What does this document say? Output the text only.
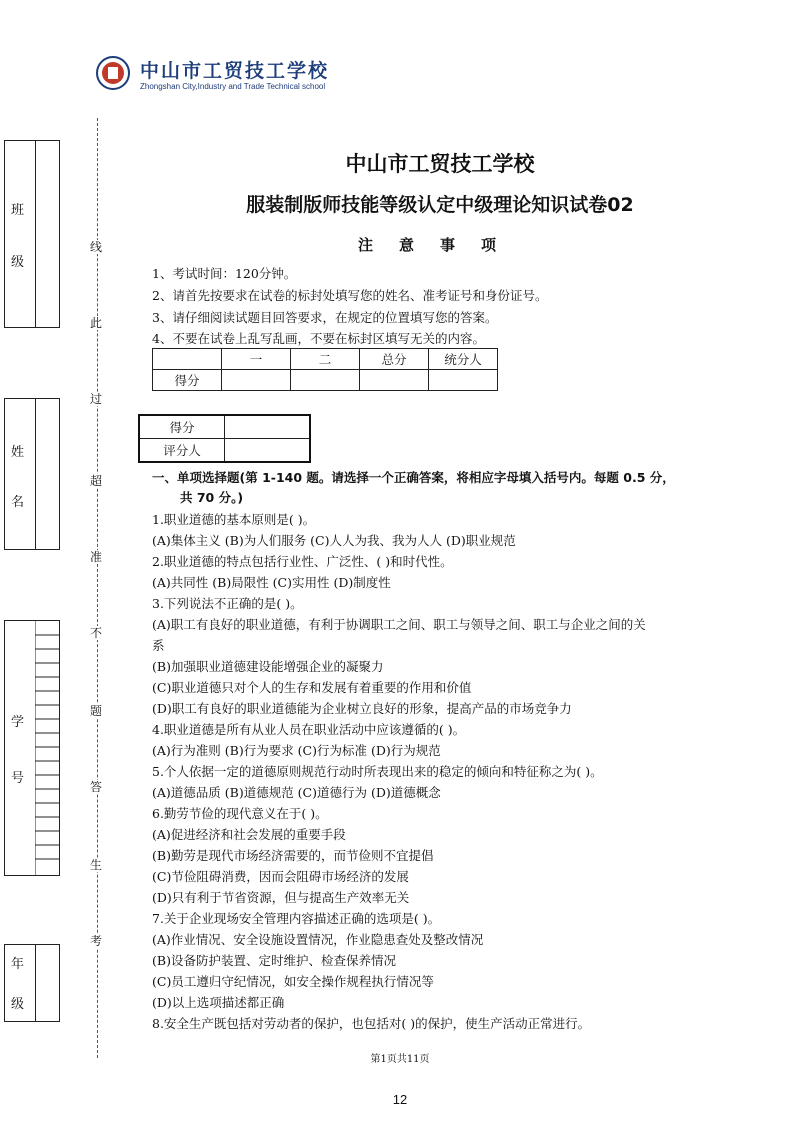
中山市工贸技工学校
Zhongshan City,Industry and Trade Technical school
班
级
姓
名
学
号
年
级
线
此
过
超
准
不
题
答
生
考
中山市工贸技工学校
服装制版师技能等级认定中级理论知识试卷02
注意事项
1、考试时间：120分钟。
2、请首先按要求在试卷的标封处填写您的姓名、准考证号和身份证号。
3、请仔细阅读试题目回答要求，在规定的位置填写您的答案。
4、不要在试卷上乱写乱画，不要在标封区填写无关的内容。
	一	二	总分	统分人
得分				
得分	
评分人	
一、单项选择题(第 1-140 题。请选择一个正确答案，将相应字母填入括号内。每题 0.5 分，
共 70 分。)
1.职业道德的基本原则是( )。
(A)集体主义 (B)为人们服务 (C)人人为我、我为人人 (D)职业规范
2.职业道德的特点包括行业性、广泛性、( )和时代性。
(A)共同性 (B)局限性 (C)实用性 (D)制度性
3.下列说法不正确的是( )。
(A)职工有良好的职业道德，有利于协调职工之间、职工与领导之间、职工与企业之间的关
系
(B)加强职业道德建设能增强企业的凝聚力
(C)职业道德只对个人的生存和发展有着重要的作用和价值
(D)职工有良好的职业道德能为企业树立良好的形象，提高产品的市场竞争力
4.职业道德是所有从业人员在职业活动中应该遵循的( )。
(A)行为准则 (B)行为要求 (C)行为标准 (D)行为规范
5.个人依据一定的道德原则规范行动时所表现出来的稳定的倾向和特征称之为( )。
(A)道德品质 (B)道德规范 (C)道德行为 (D)道德概念
6.勤劳节俭的现代意义在于( )。
(A)促进经济和社会发展的重要手段
(B)勤劳是现代市场经济需要的，而节俭则不宜提倡
(C)节俭阻碍消费，因而会阻碍市场经济的发展
(D)只有利于节省资源，但与提高生产效率无关
7.关于企业现场安全管理内容描述正确的选项是( )。
(A)作业情况、安全设施设置情况，作业隐患查处及整改情况
(B)设备防护装置、定时维护、检查保养情况
(C)员工遵归守纪情况，如安全操作规程执行情况等
(D)以上选项描述都正确
8.安全生产既包括对劳动者的保护，也包括对( )的保护，使生产活动正常进行。
第1页共11页
12
